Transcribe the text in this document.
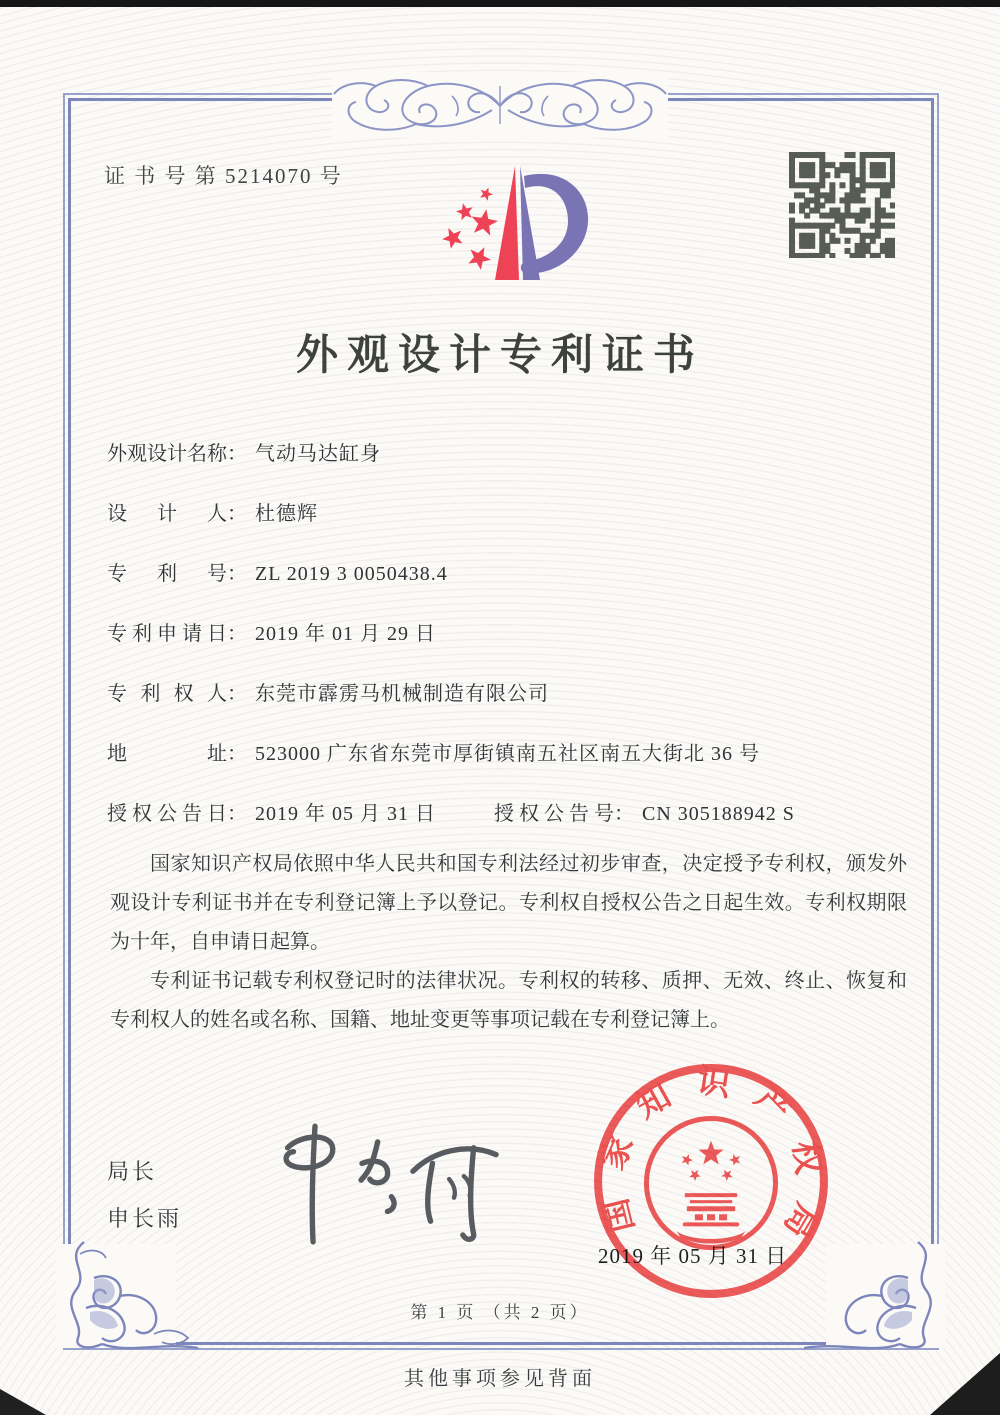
证 书 号 第 5214070 号
外观设计专利证书
外观设计名称： 气动马达缸身
设计人： 杜德辉
专利号： ZL 2019 3 0050438.4
专利申请日： 2019 年 01 月 29 日
专利权人： 东莞市霹雳马机械制造有限公司
地址： 523000 广东省东莞市厚街镇南五社区南五大街北 36 号
授权公告日： 2019 年 05 月 31 日	授权公告号： CN 305188942 S

国家知识产权局依照中华人民共和国专利法经过初步审查，决定授予专利权，颁发外观设计专利证书并在专利登记簿上予以登记。专利权自授权公告之日起生效。专利权期限为十年，自申请日起算。

专利证书记载专利权登记时的法律状况。专利权的转移、质押、无效、终止、恢复和专利权人的姓名或名称、国籍、地址变更等事项记载在专利登记簿上。

局长
申长雨
2019 年 05 月 31 日
国家知识产权局
第 1 页 （共 2 页）
其他事项参见背面
